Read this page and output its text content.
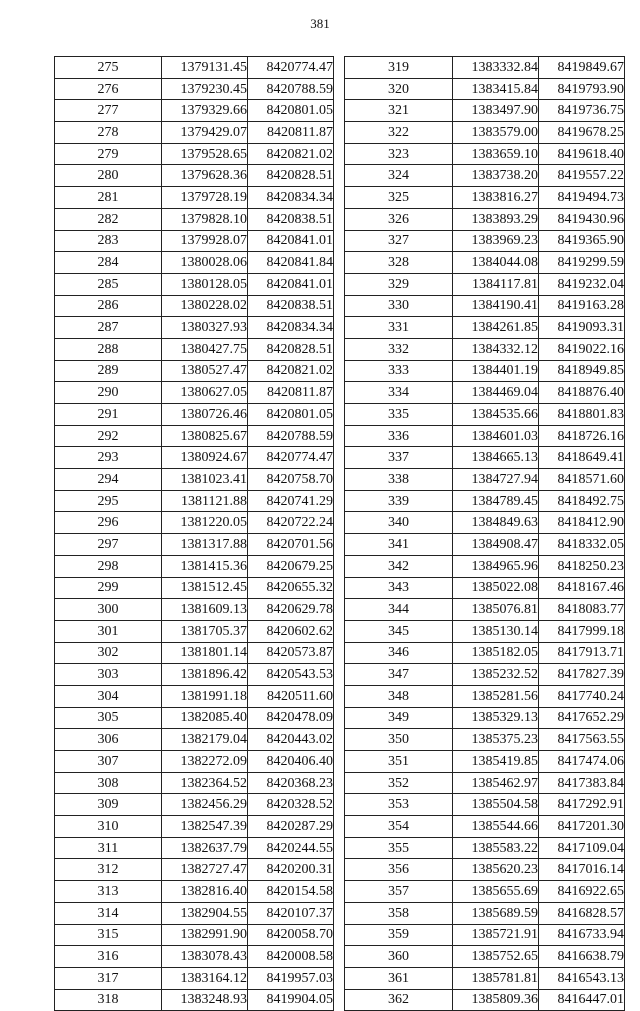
381
275	1379131.45	8420774.47
276	1379230.45	8420788.59
277	1379329.66	8420801.05
278	1379429.07	8420811.87
279	1379528.65	8420821.02
280	1379628.36	8420828.51
281	1379728.19	8420834.34
282	1379828.10	8420838.51
283	1379928.07	8420841.01
284	1380028.06	8420841.84
285	1380128.05	8420841.01
286	1380228.02	8420838.51
287	1380327.93	8420834.34
288	1380427.75	8420828.51
289	1380527.47	8420821.02
290	1380627.05	8420811.87
291	1380726.46	8420801.05
292	1380825.67	8420788.59
293	1380924.67	8420774.47
294	1381023.41	8420758.70
295	1381121.88	8420741.29
296	1381220.05	8420722.24
297	1381317.88	8420701.56
298	1381415.36	8420679.25
299	1381512.45	8420655.32
300	1381609.13	8420629.78
301	1381705.37	8420602.62
302	1381801.14	8420573.87
303	1381896.42	8420543.53
304	1381991.18	8420511.60
305	1382085.40	8420478.09
306	1382179.04	8420443.02
307	1382272.09	8420406.40
308	1382364.52	8420368.23
309	1382456.29	8420328.52
310	1382547.39	8420287.29
311	1382637.79	8420244.55
312	1382727.47	8420200.31
313	1382816.40	8420154.58
314	1382904.55	8420107.37
315	1382991.90	8420058.70
316	1383078.43	8420008.58
317	1383164.12	8419957.03
318	1383248.93	8419904.05
319	1383332.84	8419849.67
320	1383415.84	8419793.90
321	1383497.90	8419736.75
322	1383579.00	8419678.25
323	1383659.10	8419618.40
324	1383738.20	8419557.22
325	1383816.27	8419494.73
326	1383893.29	8419430.96
327	1383969.23	8419365.90
328	1384044.08	8419299.59
329	1384117.81	8419232.04
330	1384190.41	8419163.28
331	1384261.85	8419093.31
332	1384332.12	8419022.16
333	1384401.19	8418949.85
334	1384469.04	8418876.40
335	1384535.66	8418801.83
336	1384601.03	8418726.16
337	1384665.13	8418649.41
338	1384727.94	8418571.60
339	1384789.45	8418492.75
340	1384849.63	8418412.90
341	1384908.47	8418332.05
342	1384965.96	8418250.23
343	1385022.08	8418167.46
344	1385076.81	8418083.77
345	1385130.14	8417999.18
346	1385182.05	8417913.71
347	1385232.52	8417827.39
348	1385281.56	8417740.24
349	1385329.13	8417652.29
350	1385375.23	8417563.55
351	1385419.85	8417474.06
352	1385462.97	8417383.84
353	1385504.58	8417292.91
354	1385544.66	8417201.30
355	1385583.22	8417109.04
356	1385620.23	8417016.14
357	1385655.69	8416922.65
358	1385689.59	8416828.57
359	1385721.91	8416733.94
360	1385752.65	8416638.79
361	1385781.81	8416543.13
362	1385809.36	8416447.01
